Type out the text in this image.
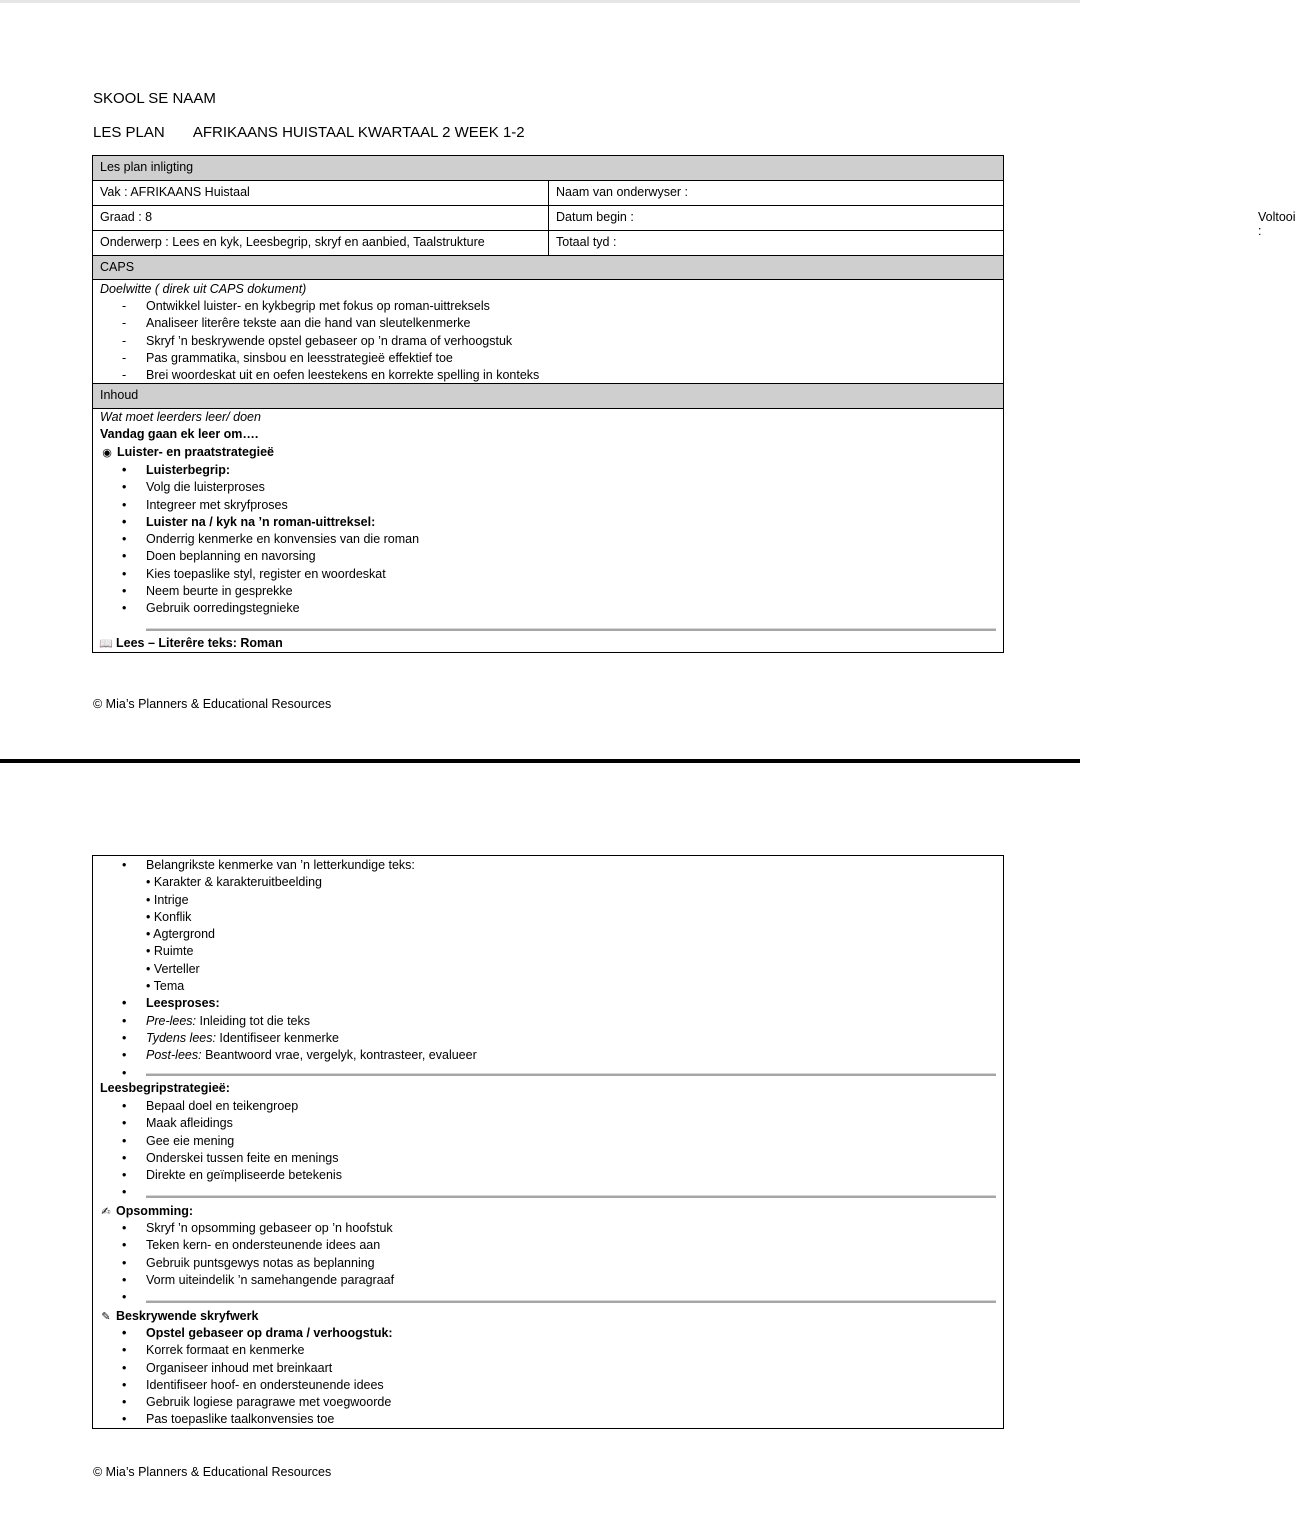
SKOOL SE NAAM
LES PLAN AFRIKAANS HUISTAAL KWARTAAL 2 WEEK 1-2
Les plan inligting
Vak : AFRIKAANS Huistaal	Naam van onderwyser :
Graad : 8	Datum begin :	Voltooi :
Onderwerp : Lees en kyk, Leesbegrip, skryf en aanbied, Taalstrukture	Totaal tyd :
CAPS
Doelwitte ( direk uit CAPS dokument)
- Ontwikkel luister- en kykbegrip met fokus op roman-uittreksels
- Analiseer literêre tekste aan die hand van sleutelkenmerke
- Skryf ’n beskrywende opstel gebaseer op ’n drama of verhoogstuk
- Pas grammatika, sinsbou en leesstrategieë effektief toe
- Brei woordeskat uit en oefen leestekens en korrekte spelling in konteks
Inhoud
Wat moet leerders leer/ doen
Vandag gaan ek leer om….
◉ Luister- en praatstrategieë
• Luisterbegrip:
• Volg die luisterproses
• Integreer met skryfproses
• Luister na / kyk na ’n roman-uittreksel:
• Onderrig kenmerke en konvensies van die roman
• Doen beplanning en navorsing
• Kies toepaslike styl, register en woordeskat
• Neem beurte in gesprekke
• Gebruik oorredingstegnieke
📖 Lees – Literêre teks: Roman
© Mia’s Planners & Educational Resources
• Belangrikste kenmerke van ’n letterkundige teks:
• Karakter & karakteruitbeelding
• Intrige
• Konflik
• Agtergrond
• Ruimte
• Verteller
• Tema
• Leesproses:
• Pre-lees: Inleiding tot die teks
• Tydens lees: Identifiseer kenmerke
• Post-lees: Beantwoord vrae, vergelyk, kontrasteer, evalueer
•
Leesbegripstrategieë:
• Bepaal doel en teikengroep
• Maak afleidings
• Gee eie mening
• Onderskei tussen feite en menings
• Direkte en geïmpliseerde betekenis
•
✍ Opsomming:
• Skryf ’n opsomming gebaseer op ’n hoofstuk
• Teken kern- en ondersteunende idees aan
• Gebruik puntsgewys notas as beplanning
• Vorm uiteindelik ’n samehangende paragraaf
•
✎ Beskrywende skryfwerk
• Opstel gebaseer op drama / verhoogstuk:
• Korrek formaat en kenmerke
• Organiseer inhoud met breinkaart
• Identifiseer hoof- en ondersteunende idees
• Gebruik logiese paragrawe met voegwoorde
• Pas toepaslike taalkonvensies toe
© Mia’s Planners & Educational Resources
